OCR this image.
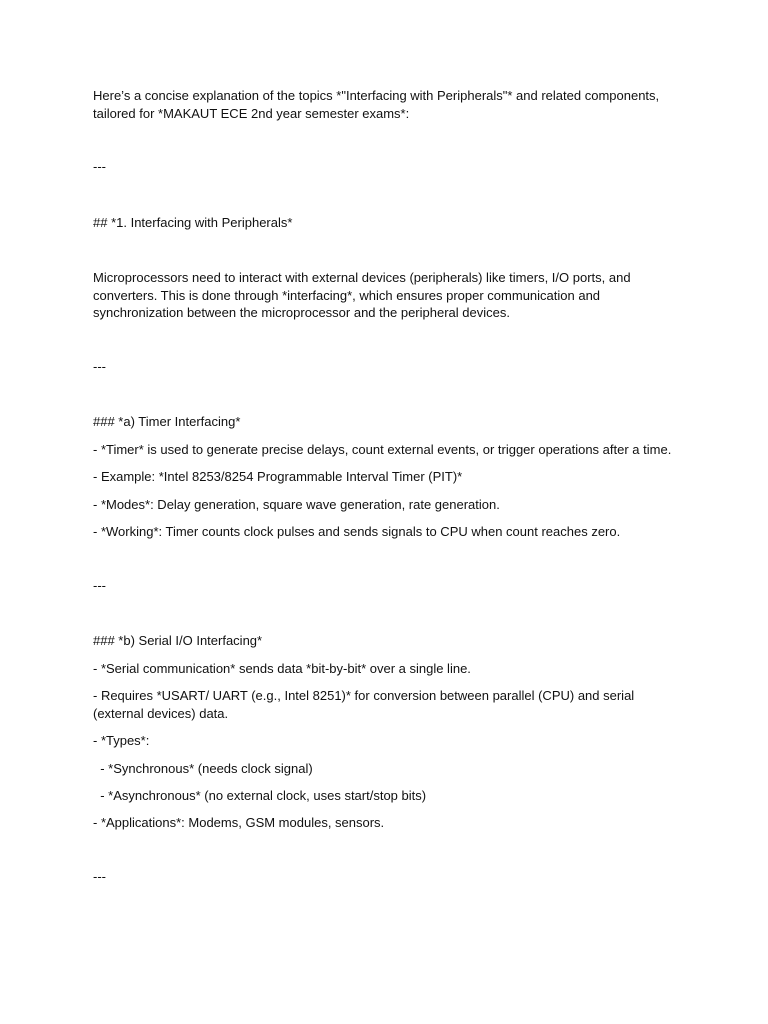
Here’s a concise explanation of the topics *"Interfacing with Peripherals"* and related components,
tailored for *MAKAUT ECE 2nd year semester exams*:
---
## *1. Interfacing with Peripherals*
Microprocessors need to interact with external devices (peripherals) like timers, I/O ports, and
converters. This is done through *interfacing*, which ensures proper communication and
synchronization between the microprocessor and the peripheral devices.
---
### *a) Timer Interfacing*
- *Timer* is used to generate precise delays, count external events, or trigger operations after a time.
- Example: *Intel 8253/8254 Programmable Interval Timer (PIT)*
- *Modes*: Delay generation, square wave generation, rate generation.
- *Working*: Timer counts clock pulses and sends signals to CPU when count reaches zero.
---
### *b) Serial I/O Interfacing*
- *Serial communication* sends data *bit-by-bit* over a single line.
- Requires *USART/ UART (e.g., Intel 8251)* for conversion between parallel (CPU) and serial
(external devices) data.
- *Types*:
- *Synchronous* (needs clock signal)
- *Asynchronous* (no external clock, uses start/stop bits)
- *Applications*: Modems, GSM modules, sensors.
---
